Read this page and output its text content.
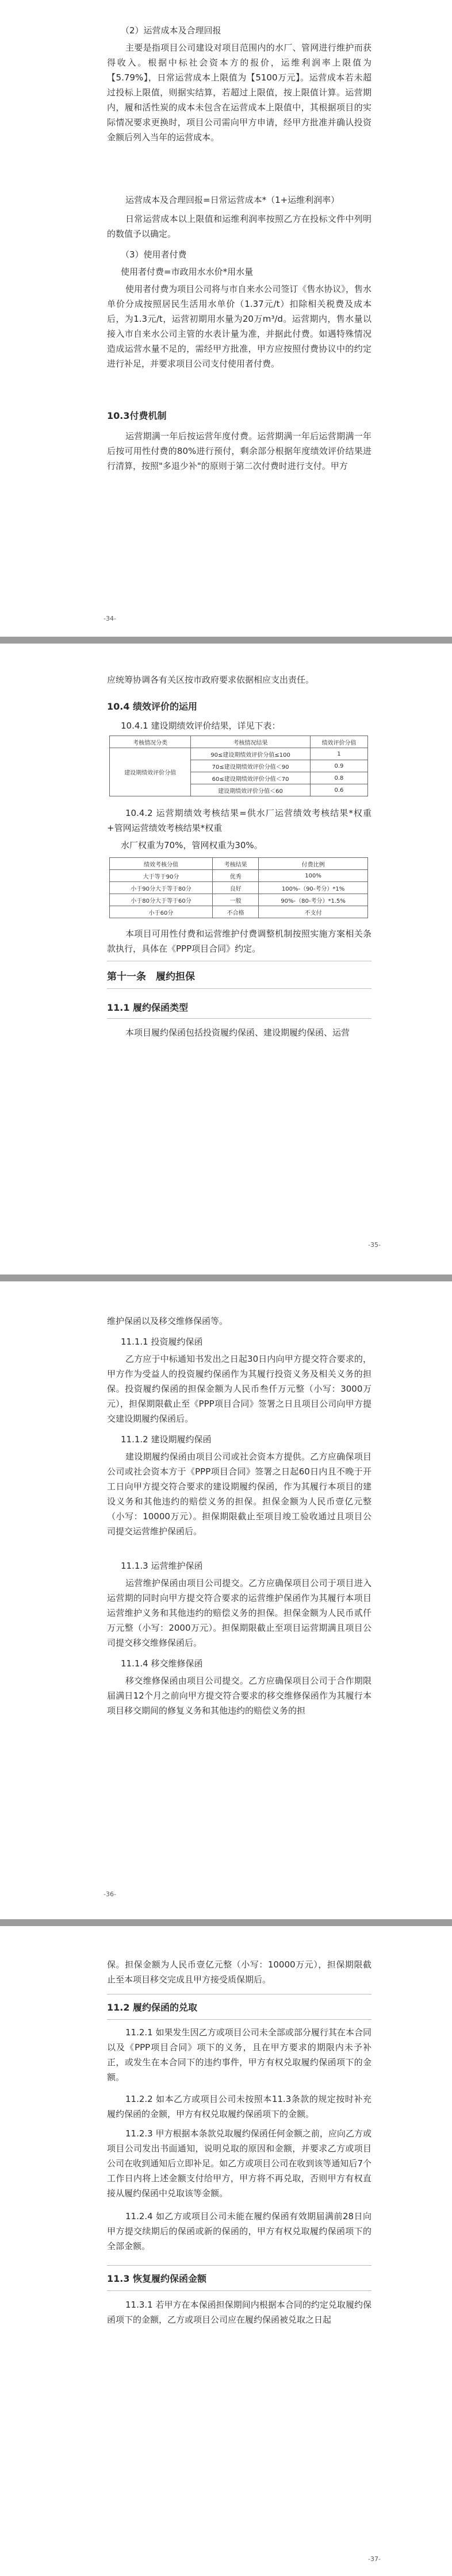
（2）运营成本及合理回报
主要是指项目公司建设对项目范围内的水厂、管网进行维护而获得收入。根据中标社会资本方的报价，运维利润率上限值为【5.79%】，日常运营成本上限值为【5100万元】。运营成本若未超过投标上限值，则据实结算，若超过上限值，按上限值计算。运营期内，履和活性炭的成本未包含在运营成本上限值中，其根据项目的实际情况要求更换时，项目公司需向甲方申请，经甲方批准并确认投资金额后列入当年的运营成本。
运营成本及合理回报=日常运营成本*（1+运维利润率）
日常运营成本以上限值和运维利润率按照乙方在投标文件中列明的数值予以确定。
（3）使用者付费
使用者付费=市政用水水价*用水量
使用者付费为项目公司将与市自来水公司签订《售水协议》，售水单价分成按照居民生活用水单价（1.37元/t）扣除相关税费及成本后，为1.3元/t，运营初期用水量为20万m³/d。运营期内，售水量以接入市自来水公司主管的水表计量为准，并据此付费。如遇特殊情况造成运营水量不足的，需经甲方批准，甲方应按照付费协议中的约定进行补足，并要求项目公司支付使用者付费。
10.3付费机制
运营期满一年后按运营年度付费。运营期满一年后运营期满一年后按可用性付费的80%进行预付，剩余部分根据年度绩效评价结果进行清算，按照"多退少补"的原则于第二次付费时进行支付。甲方
-34-
应统筹协调各有关区按市政府要求依据相应支出责任。
10.4 绩效评价的运用
10.4.1 建设期绩效评价结果，详见下表：
考核情况分类	考核情况结果	绩效评价分值
建设期绩效评价分值	90≤建设期绩效评价分值≤100	1
	70≤建设期绩效评价分值＜90	0.9
	60≤建设期绩效评价分值＜70	0.8
	建设期绩效评价分值＜60	0.6
10.4.2 运营期绩效考核结果=供水厂运营绩效考核结果*权重+管网运营绩效考核结果*权重
水厂权重为70%，管网权重为30%。
绩效考核分值	考核结果	付费比例
大于等于90分	优秀	100%
小于90分大于等于80分	良好	100%-（90-考分）*1%
小于80分大于等于60分	一般	90%-（80-考分）*1.5%
小于60分	不合格	不支付
本项目可用性付费和运营维护付费调整机制按照实施方案相关条款执行，具体在《PPP项目合同》约定。
第十一条　履约担保
11.1 履约保函类型
本项目履约保函包括投资履约保函、建设期履约保函、运营
-35-
维护保函以及移交维修保函等。
11.1.1 投资履约保函
乙方应于中标通知书发出之日起30日内向甲方提交符合要求的，甲方作为受益人的投资履约保函作为其履行投资义务及相关义务的担保。投资履约保函的担保金额为人民币叁仟万元整（小写：3000万元），担保期限截止至《PPP项目合同》签署之日且项目公司向甲方提交建设期履约保函后。
11.1.2 建设期履约保函
建设期履约保函由项目公司或社会资本方提供。乙方应确保项目公司或社会资本方于《PPP项目合同》签署之日起60日内且不晚于开工日向甲方提交符合要求的建设期履约保函，作为其履行本项目的建设义务和其他违约的赔偿义务的担保。担保金额为人民币壹亿元整（小写：10000万元）。担保期限截止至项目竣工验收通过且项目公司提交运营维护保函后。
11.1.3 运营维护保函
运营维护保函由项目公司提交。乙方应确保项目公司于项目进入运营期的同时向甲方提交符合要求的运营维护保函作为其履行本项目运营维护义务和其他违约的赔偿义务的担保。担保金额为人民币贰仟万元整（小写：2000万元）。担保期限截止至项目运营期满且项目公司提交移交维修保函后。
11.1.4 移交维修保函
移交维修保函由项目公司提交。乙方应确保项目公司于合作期限届满日12个月之前向甲方提交符合要求的移交维修保函作为其履行本项目移交期间的修复义务和其他违约的赔偿义务的担
-36-
保。担保金额为人民币壹亿元整（小写：10000万元），担保期限截止至本项目移交完成且甲方接受质保期后。
11.2 履约保函的兑取
11.2.1 如果发生因乙方或项目公司未全部或部分履行其在本合同以及《PPP项目合同》项下的义务，且在甲方要求的期限内未予补正，或发生在本合同下的违约事件，甲方有权兑取履约保函项下的金额。
11.2.2 如本乙方或项目公司未按照本11.3条款的规定按时补充履约保函的金额，甲方有权兑取履约保函项下的金额。
11.2.3 甲方根据本条款兑取履约保函任何金额之前，应向乙方或项目公司发出书面通知，说明兑取的原因和金额，并要求乙方或项目公司在收到通知后立即补足。如乙方或项目公司在收到该等通知后7个工作日内将上述金额支付给甲方，甲方将不再兑取，否则甲方有权直接从履约保函中兑取该等金额。
11.2.4 如乙方或项目公司未能在履约保函有效期届满前28日向甲方提交续期后的保函或新的保函的，甲方有权兑取履约保函项下的全部金额。
11.3 恢复履约保函金额
11.3.1 若甲方在本保函担保期间内根据本合同的约定兑取履约保函项下的金额，乙方或项目公司应在履约保函被兑取之日起
-37-
